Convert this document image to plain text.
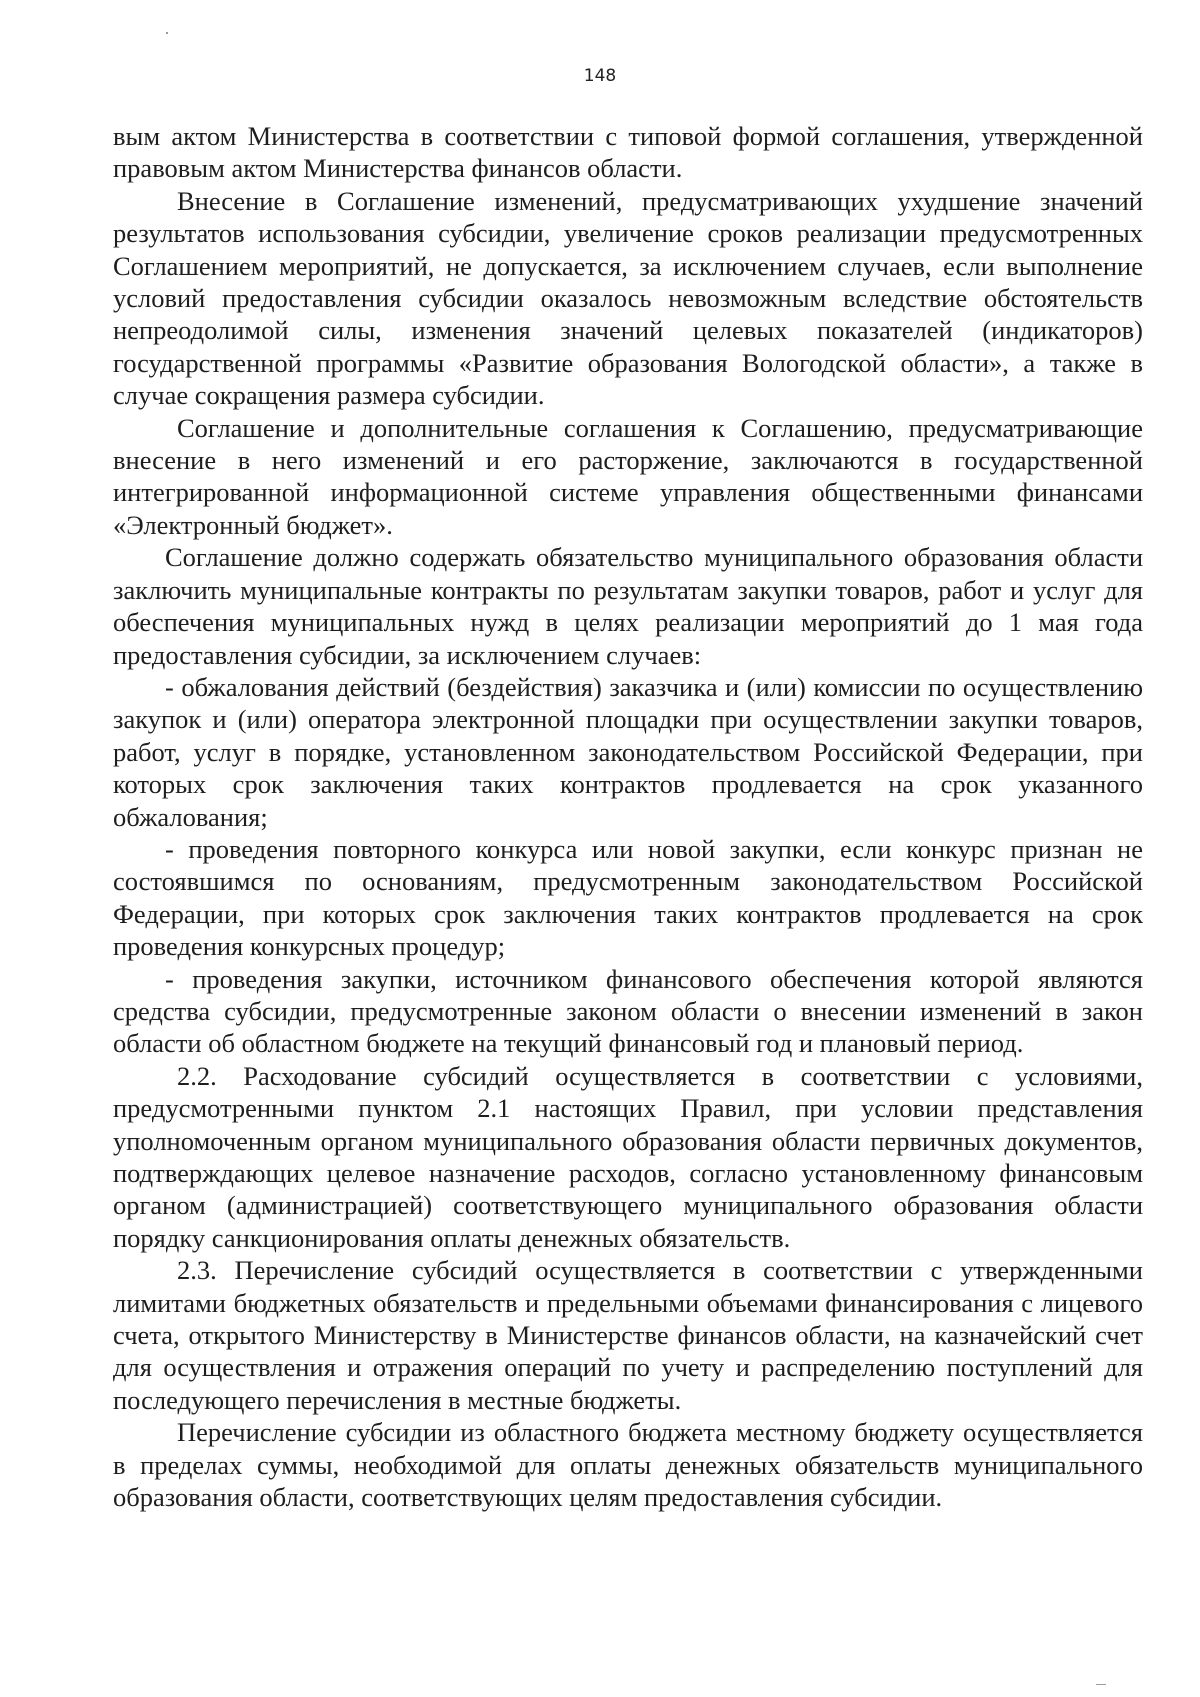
148

вым актом Министерства в соответствии с типовой формой соглашения, утвержденной правовым актом Министерства финансов области.

Внесение в Соглашение изменений, предусматривающих ухудшение значений результатов использования субсидии, увеличение сроков реализации предусмотренных Соглашением мероприятий, не допускается, за исключением случаев, если выполнение условий предоставления субсидии оказалось невозможным вследствие обстоятельств непреодолимой силы, изменения значений целевых показателей (индикаторов) государственной программы «Развитие образования Вологодской области», а также в случае сокращения размера субсидии.

Соглашение и дополнительные соглашения к Соглашению, предусматривающие внесение в него изменений и его расторжение, заключаются в государственной интегрированной информационной системе управления общественными финансами «Электронный бюджет».

Соглашение должно содержать обязательство муниципального образования области заключить муниципальные контракты по результатам закупки товаров, работ и услуг для обеспечения муниципальных нужд в целях реализации мероприятий до 1 мая года предоставления субсидии, за исключением случаев:

- обжалования действий (бездействия) заказчика и (или) комиссии по осуществлению закупок и (или) оператора электронной площадки при осуществлении закупки товаров, работ, услуг в порядке, установленном законодательством Российской Федерации, при которых срок заключения таких контрактов продлевается на срок указанного обжалования;

- проведения повторного конкурса или новой закупки, если конкурс признан не состоявшимся по основаниям, предусмотренным законодательством Российской Федерации, при которых срок заключения таких контрактов продлевается на срок проведения конкурсных процедур;

- проведения закупки, источником финансового обеспечения которой являются средства субсидии, предусмотренные законом области о внесении изменений в закон области об областном бюджете на текущий финансовый год и плановый период.

2.2. Расходование субсидий осуществляется в соответствии с условиями, предусмотренными пунктом 2.1 настоящих Правил, при условии представления уполномоченным органом муниципального образования области первичных документов, подтверждающих целевое назначение расходов, согласно установленному финансовым органом (администрацией) соответствующего муниципального образования области порядку санкционирования оплаты денежных обязательств.

2.3. Перечисление субсидий осуществляется в соответствии с утвержденными лимитами бюджетных обязательств и предельными объемами финансирования с лицевого счета, открытого Министерству в Министерстве финансов области, на казначейский счет для осуществления и отражения операций по учету и распределению поступлений для последующего перечисления в местные бюджеты.

Перечисление субсидии из областного бюджета местному бюджету осуществляется в пределах суммы, необходимой для оплаты денежных обязательств муниципального образования области, соответствующих целям предоставления субсидии.
